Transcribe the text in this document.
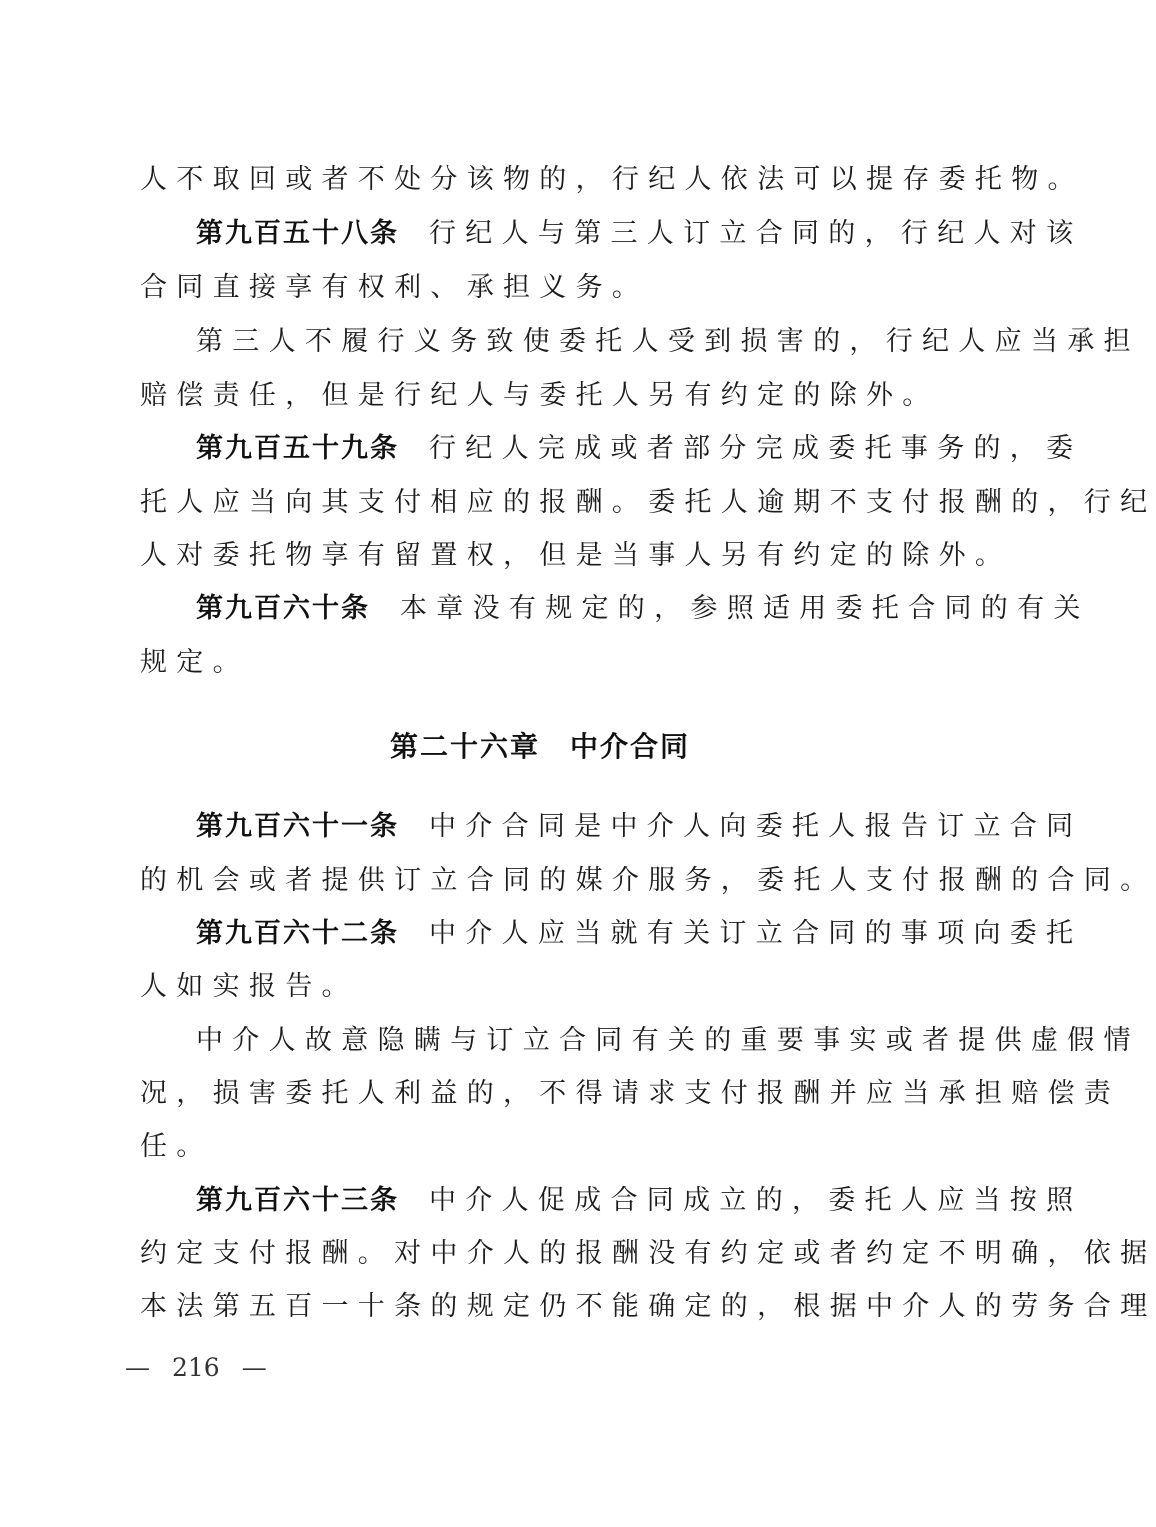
人不取回或者不处分该物的，行纪人依法可以提存委托物。
第九百五十八条 行纪人与第三人订立合同的，行纪人对该
合同直接享有权利、承担义务。
第三人不履行义务致使委托人受到损害的，行纪人应当承担
赔偿责任，但是行纪人与委托人另有约定的除外。
第九百五十九条 行纪人完成或者部分完成委托事务的，委
托人应当向其支付相应的报酬。委托人逾期不支付报酬的，行纪
人对委托物享有留置权，但是当事人另有约定的除外。
第九百六十条 本章没有规定的，参照适用委托合同的有关
规定。
第二十六章 中介合同
第九百六十一条 中介合同是中介人向委托人报告订立合同
的机会或者提供订立合同的媒介服务，委托人支付报酬的合同。
第九百六十二条 中介人应当就有关订立合同的事项向委托
人如实报告。
中介人故意隐瞒与订立合同有关的重要事实或者提供虚假情
况，损害委托人利益的，不得请求支付报酬并应当承担赔偿责
任。
第九百六十三条 中介人促成合同成立的，委托人应当按照
约定支付报酬。对中介人的报酬没有约定或者约定不明确，依据
本法第五百一十条的规定仍不能确定的，根据中介人的劳务合理
— 216 —
